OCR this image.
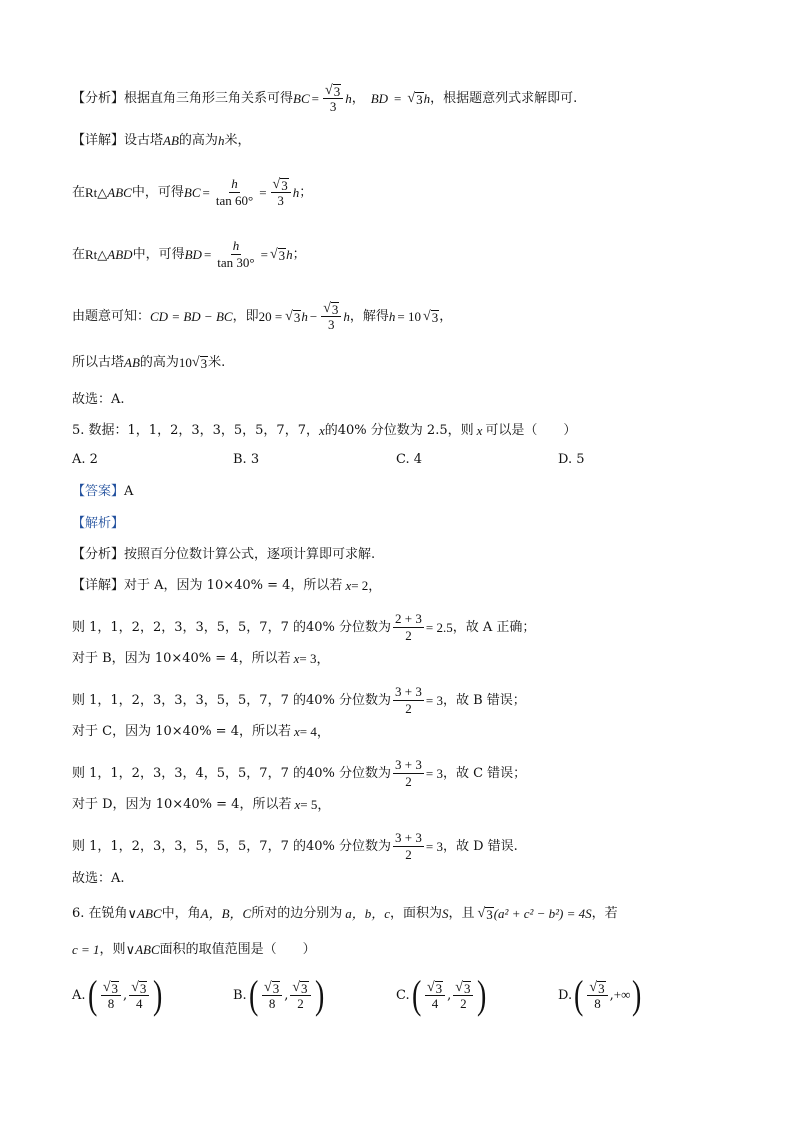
【分析】 根据直角三角形三角关系可得 BC = $\frac{√ 3}{3}$ h ， BD = √ 3 h ，根据题意列式求解即可.
【详解】 设古塔 AB 的高为 h 米，
在 Rt△ ABC 中，可得 BC = $\frac{h}{\tan 60^\circ} = \frac{√ 3}{3}$ h ；
在 Rt△ ABD 中，可得 BD = $\frac{h}{\tan 30^\circ}$ = √ 3 h ；
由题意可知： CD = BD − BC ，即 20 = √ 3 $h - \frac{√ 3}{3}$ h ，解得 h = 10 √ 3 ，
所以古塔 AB 的高为 10 √ 3 米.
故选：A.
5. 数据：1，1，2，3，3，5，5，7，7， x 的40% 分位数为 2.5，则 x 可以是（　　）
A. 2	B. 3	C. 4	D. 5
【答案】 A
【解析】
【分析】 按照百分位数计算公式，逐项计算即可求解.
【详解】 对于 A，因为 10×40% = 4，所以若 x = 2，
则 1，1，2，2，3，3，5，5，7，7 的40% 分位数为 $\frac{2 + 3}{2} = 2.5$ ，故 A 正确；
对于 B，因为 10×40% = 4，所以若 x = 3，
则 1，1，2，3，3，3，5，5，7，7 的40% 分位数为 $\frac{3 + 3}{2} = 3$ ，故 B 错误；
对于 C，因为 10×40% = 4，所以若 x = 4，
则 1，1，2，3，3，4，5，5，7，7 的40% 分位数为 $\frac{3 + 3}{2} = 3$ ，故 C 错误；
对于 D，因为 10×40% = 4，所以若 x = 5，
则 1，1，2，3，3，5，5，5，7，7 的40% 分位数为 $\frac{3 + 3}{2} = 3$ ，故 D 错误.
故选：A.
6. 在锐角 ∨ABC 中，角 A，B，C 所对的边分别为 a，b，c ，面积为 S ，且 √ 3 (a² + c² − b²) = 4S ，若
c = 1 ，则 ∨ABC 面积的取值范围是（　　）
A. ( $\frac{√ 3}{8}$ , $\frac{√ 3}{4}$ )	B. ( $\frac{√ 3}{8}$ , $\frac{√ 3}{2}$ )	C. ( $\frac{√ 3}{4}$ , $\frac{√ 3}{2}$ )	D. ( $\frac{√ 3}{8}$ , +∞ )
